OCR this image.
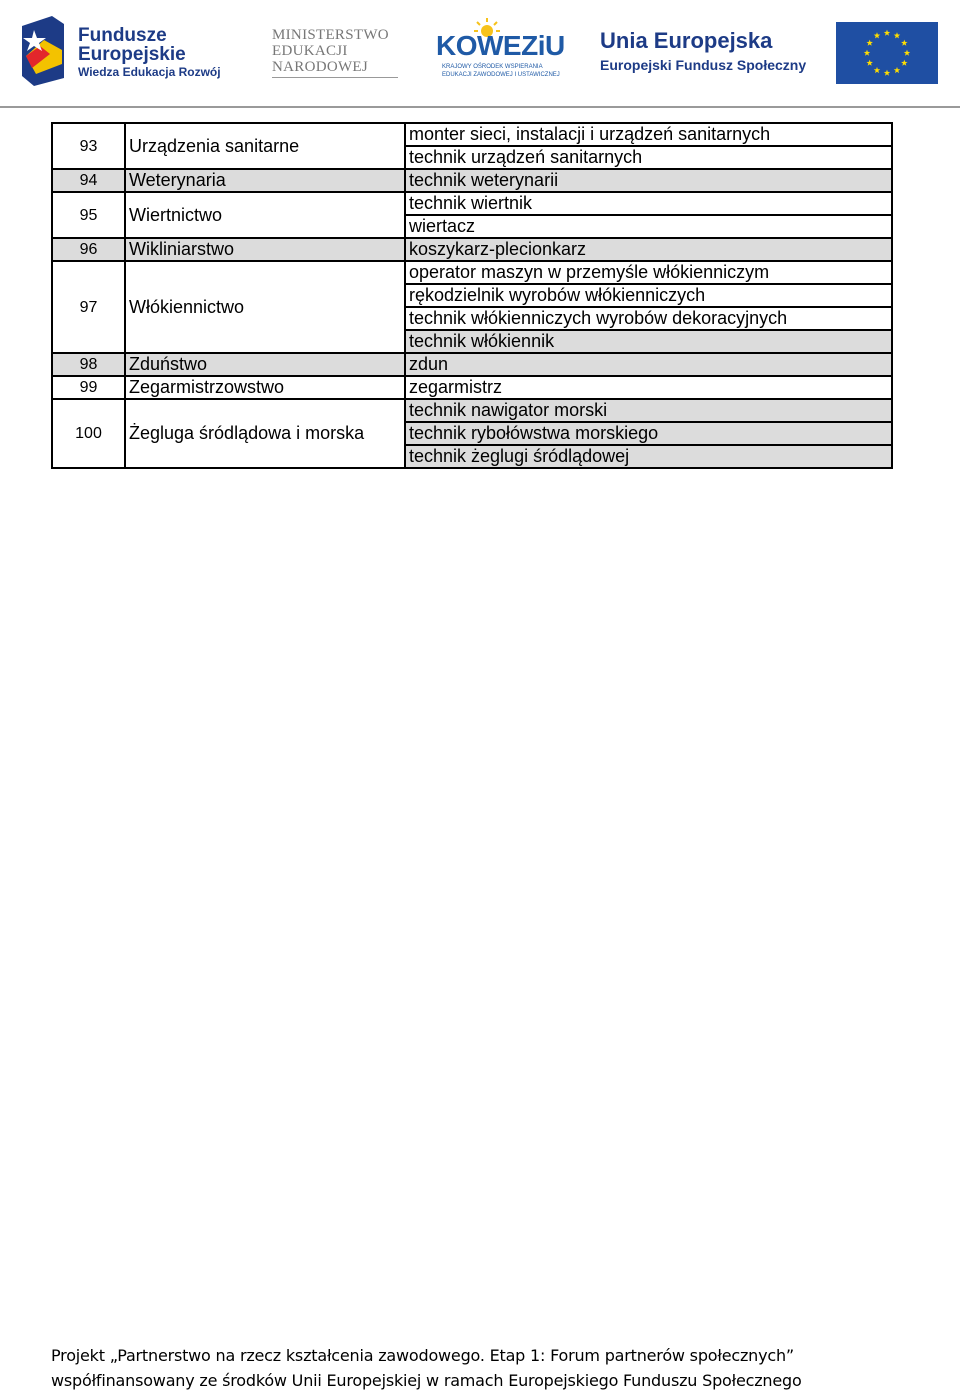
Fundusze
Europejskie
Wiedza Edukacja Rozwój
MINISTERSTWO
EDUKACJI
NARODOWEJ
KOWEZiU
KRAJOWY OŚRODEK WSPIERANIA
EDUKACJI ZAWODOWEJ I USTAWICZNEJ
Unia Europejska
Europejski Fundusz Społeczny
93	Urządzenia sanitarne	monter sieci, instalacji i urządzeń sanitarnych
		technik urządzeń sanitarnych
94	Weterynaria	technik weterynarii
95	Wiertnictwo	technik wiertnik
		wiertacz
96	Wikliniarstwo	koszykarz-plecionkarz
97	Włókiennictwo	operator maszyn w przemyśle włókienniczym
		rękodzielnik wyrobów włókienniczych
		technik włókienniczych wyrobów dekoracyjnych
		technik włókiennik
98	Zduństwo	zdun
99	Zegarmistrzowstwo	zegarmistrz
100	Żegluga śródlądowa i morska	technik nawigator morski
		technik rybołówstwa morskiego
		technik żeglugi śródlądowej
Projekt „Partnerstwo na rzecz kształcenia zawodowego. Etap 1: Forum partnerów społecznych”
współfinansowany ze środków Unii Europejskiej w ramach Europejskiego Funduszu Społecznego
